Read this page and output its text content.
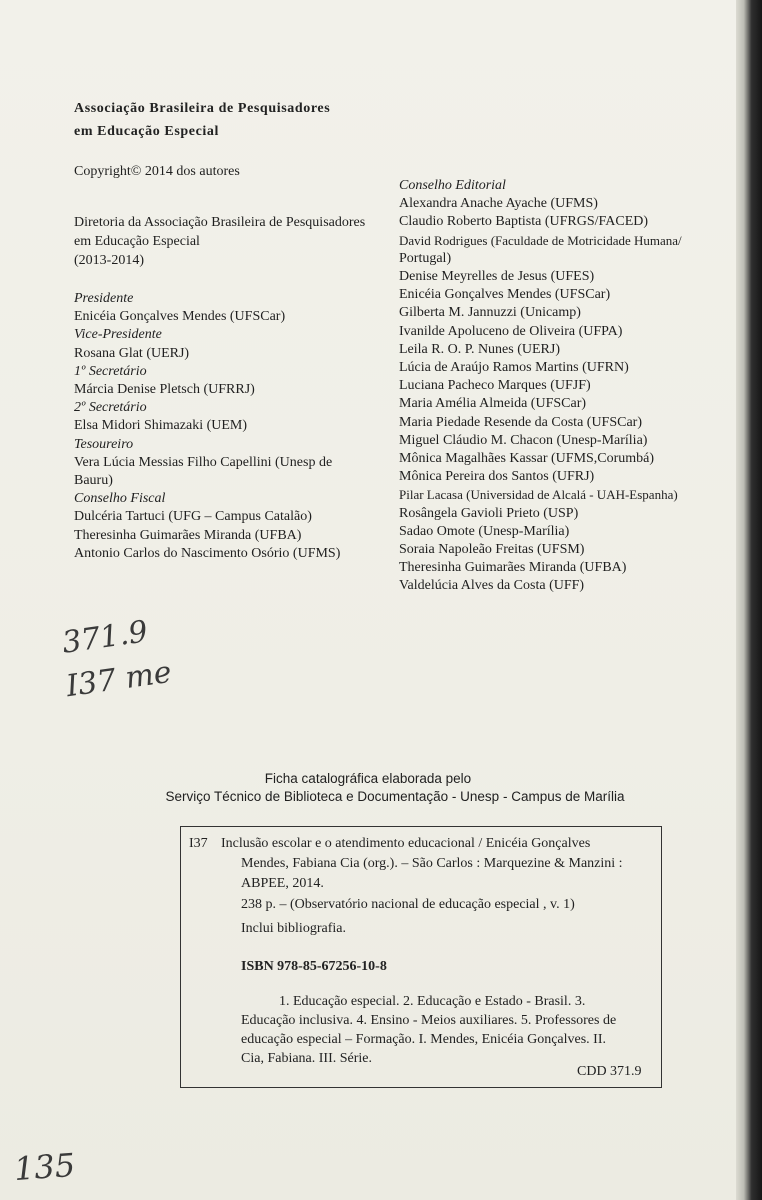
Associação Brasileira de Pesquisadores
em Educação Especial
Copyright© 2014 dos autores
Diretoria da Associação Brasileira de Pesquisadores
em Educação Especial
(2013-2014)
Presidente
Enicéia Gonçalves Mendes (UFSCar)
Vice-Presidente
Rosana Glat (UERJ)
1º Secretário
Márcia Denise Pletsch (UFRRJ)
2º Secretário
Elsa Midori Shimazaki (UEM)
Tesoureiro
Vera Lúcia Messias Filho Capellini (Unesp de
Bauru)
Conselho Fiscal
Dulcéria Tartuci (UFG – Campus Catalão)
Theresinha Guimarães Miranda (UFBA)
Antonio Carlos do Nascimento Osório (UFMS)
Conselho Editorial
Alexandra Anache Ayache (UFMS)
Claudio Roberto Baptista (UFRGS/FACED)
David Rodrigues (Faculdade de Motricidade Humana/
Portugal)
Denise Meyrelles de Jesus (UFES)
Enicéia Gonçalves Mendes (UFSCar)
Gilberta M. Jannuzzi (Unicamp)
Ivanilde Apoluceno de Oliveira (UFPA)
Leila R. O. P. Nunes (UERJ)
Lúcia de Araújo Ramos Martins (UFRN)
Luciana Pacheco Marques (UFJF)
Maria Amélia Almeida (UFSCar)
Maria Piedade Resende da Costa (UFSCar)
Miguel Cláudio M. Chacon (Unesp-Marília)
Mônica Magalhães Kassar (UFMS,Corumbá)
Mônica Pereira dos Santos (UFRJ)
Pilar Lacasa (Universidad de Alcalá - UAH-Espanha)
Rosângela Gavioli Prieto (USP)
Sadao Omote (Unesp-Marília)
Soraia Napoleão Freitas (UFSM)
Theresinha Guimarães Miranda (UFBA)
Valdelúcia Alves da Costa (UFF)
371.9
I37 me
135
Ficha catalográfica elaborada pelo
Serviço Técnico de Biblioteca e Documentação - Unesp - Campus de Marília
I37 Inclusão escolar e o atendimento educacional / Enicéia Gonçalves
Mendes, Fabiana Cia (org.). – São Carlos : Marquezine & Manzini :
ABPEE, 2014.
238 p. – (Observatório nacional de educação especial , v. 1)
Inclui bibliografia.
ISBN 978-85-67256-10-8
1. Educação especial. 2. Educação e Estado - Brasil. 3.
Educação inclusiva. 4. Ensino - Meios auxiliares. 5. Professores de
educação especial – Formação. I. Mendes, Enicéia Gonçalves. II.
Cia, Fabiana. III. Série.
CDD 371.9
